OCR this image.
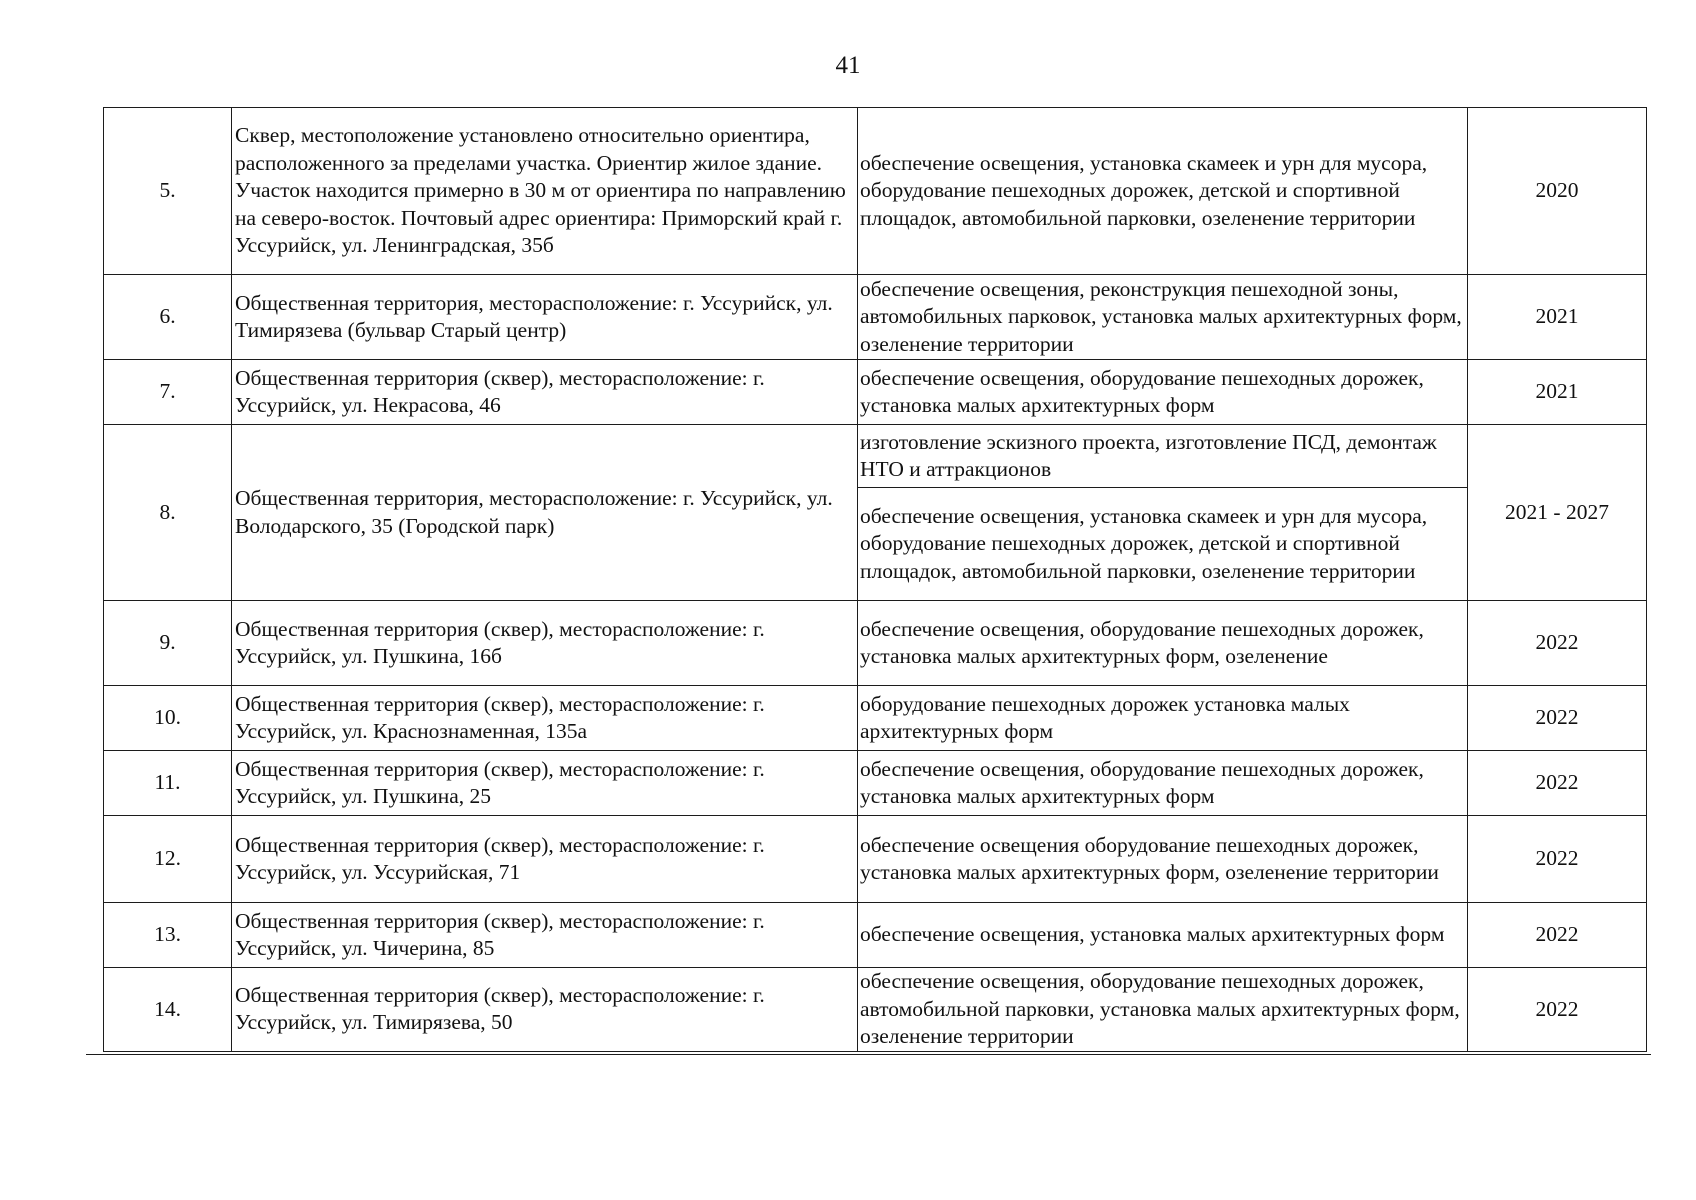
41
5.	Сквер, местоположение установлено относительно ориентира, расположенного за пределами участка. Ориентир жилое здание. Участок находится примерно в 30 м от ориентира по направлению на северо-восток. Почтовый адрес ориентира: Приморский край г. Уссурийск, ул. Ленинградская, 35б	обеспечение освещения, установка скамеек и урн для мусора, оборудование пешеходных дорожек, детской и спортивной площадок, автомобильной парковки, озеленение территории	2020
6.	Общественная территория, месторасположение: г. Уссурийск, ул. Тимирязева (бульвар Старый центр)	обеспечение освещения, реконструкция пешеходной зоны, автомобильных парковок, установка малых архитектурных форм, озеленение территории	2021
7.	Общественная территория (сквер), месторасположение: г. Уссурийск, ул. Некрасова, 46	обеспечение освещения, оборудование пешеходных дорожек, установка малых архитектурных форм	2021
8.	Общественная территория, месторасположение: г. Уссурийск, ул. Володарского, 35 (Городской парк)	изготовление эскизного проекта, изготовление ПСД, демонтаж НТО и аттракционов	2021 - 2027
		обеспечение освещения, установка скамеек и урн для мусора, оборудование пешеходных дорожек, детской и спортивной площадок, автомобильной парковки, озеленение территории	
9.	Общественная территория (сквер), месторасположение: г. Уссурийск, ул. Пушкина, 16б	обеспечение освещения, оборудование пешеходных дорожек, установка малых архитектурных форм, озеленение	2022
10.	Общественная территория (сквер), месторасположение: г. Уссурийск, ул. Краснознаменная, 135а	оборудование пешеходных дорожек установка малых архитектурных форм	2022
11.	Общественная территория (сквер), месторасположение: г. Уссурийск, ул. Пушкина, 25	обеспечение освещения, оборудование пешеходных дорожек, установка малых архитектурных форм	2022
12.	Общественная территория (сквер), месторасположение: г. Уссурийск, ул. Уссурийская, 71	обеспечение освещения оборудование пешеходных дорожек, установка малых архитектурных форм, озеленение территории	2022
13.	Общественная территория (сквер), месторасположение: г. Уссурийск, ул. Чичерина, 85	обеспечение освещения, установка малых архитектурных форм	2022
14.	Общественная территория (сквер), месторасположение: г. Уссурийск, ул. Тимирязева, 50	обеспечение освещения, оборудование пешеходных дорожек, автомобильной парковки, установка малых архитектурных форм, озеленение территории	2022
